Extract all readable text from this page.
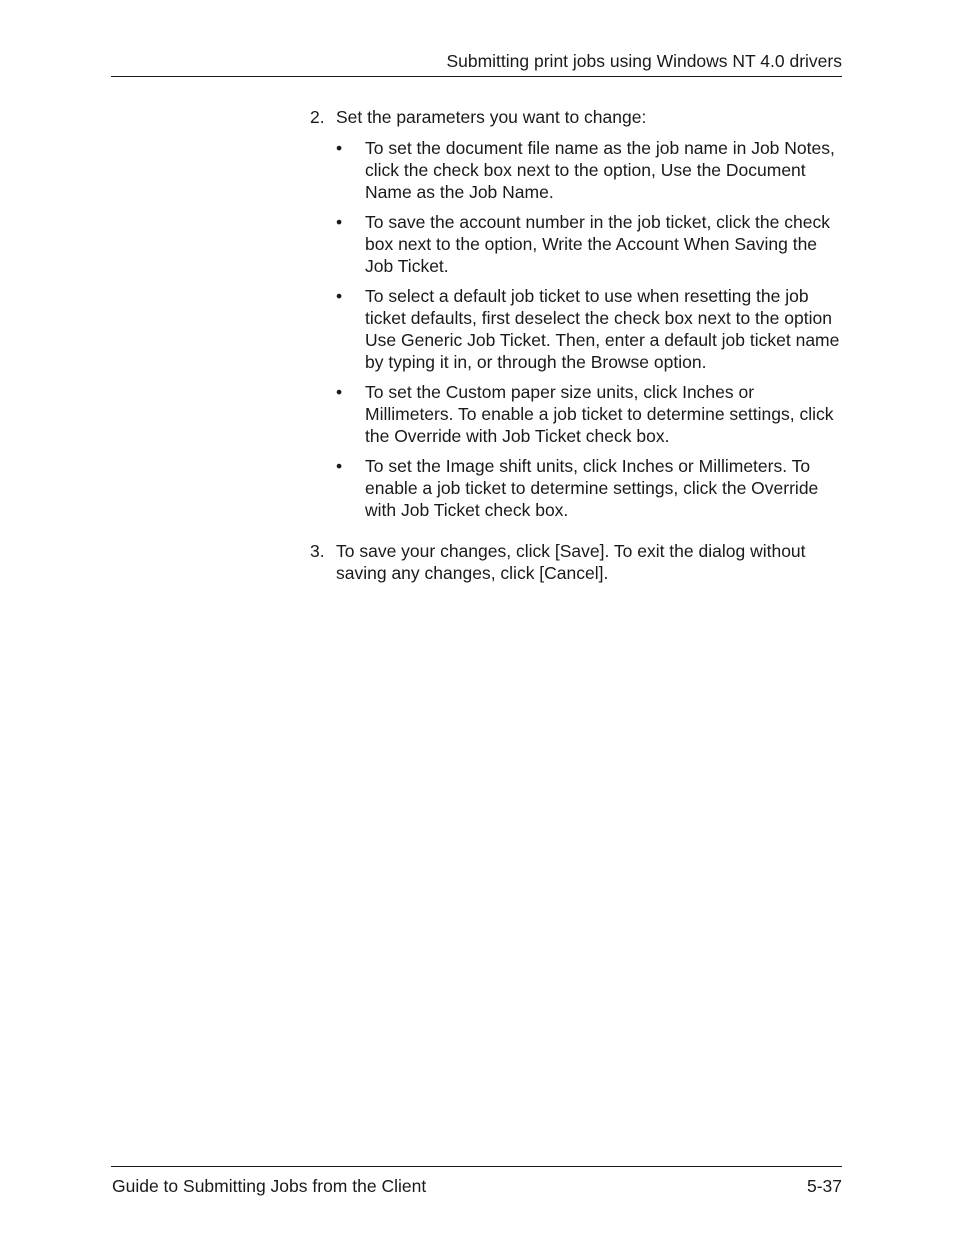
Submitting print jobs using Windows NT 4.0 drivers
2. Set the parameters you want to change:
•	To set the document file name as the job name in Job Notes, click the check box next to the option, Use the Document Name as the Job Name.
•	To save the account number in the job ticket, click the check box next to the option, Write the Account When Saving the Job Ticket.
•	To select a default job ticket to use when resetting the job ticket defaults, first deselect the check box next to the option Use Generic Job Ticket. Then, enter a default job ticket name by typing it in, or through the Browse option.
•	To set the Custom paper size units, click Inches or Millimeters. To enable a job ticket to determine settings, click the Override with Job Ticket check box.
•	To set the Image shift units, click Inches or Millimeters. To enable a job ticket to determine settings, click the Override with Job Ticket check box.
3. To save your changes, click [Save]. To exit the dialog without saving any changes, click [Cancel].
Guide to Submitting Jobs from the Client	5-37
